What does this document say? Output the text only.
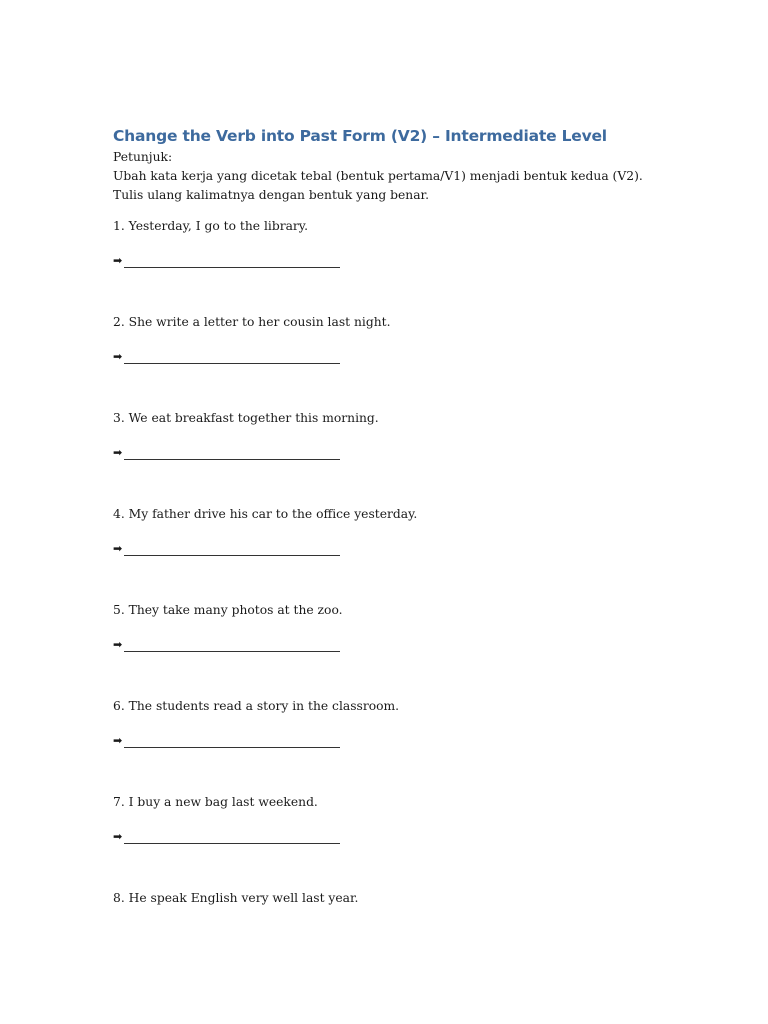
Change the Verb into Past Form (V2) – Intermediate Level
Petunjuk:
Ubah kata kerja yang dicetak tebal (bentuk pertama/V1) menjadi bentuk kedua (V2). Tulis ulang kalimatnya dengan bentuk yang benar.
1. Yesterday, I go to the library.
➡
2. She write a letter to her cousin last night.
➡
3. We eat breakfast together this morning.
➡
4. My father drive his car to the office yesterday.
➡
5. They take many photos at the zoo.
➡
6. The students read a story in the classroom.
➡
7. I buy a new bag last weekend.
➡
8. He speak English very well last year.
